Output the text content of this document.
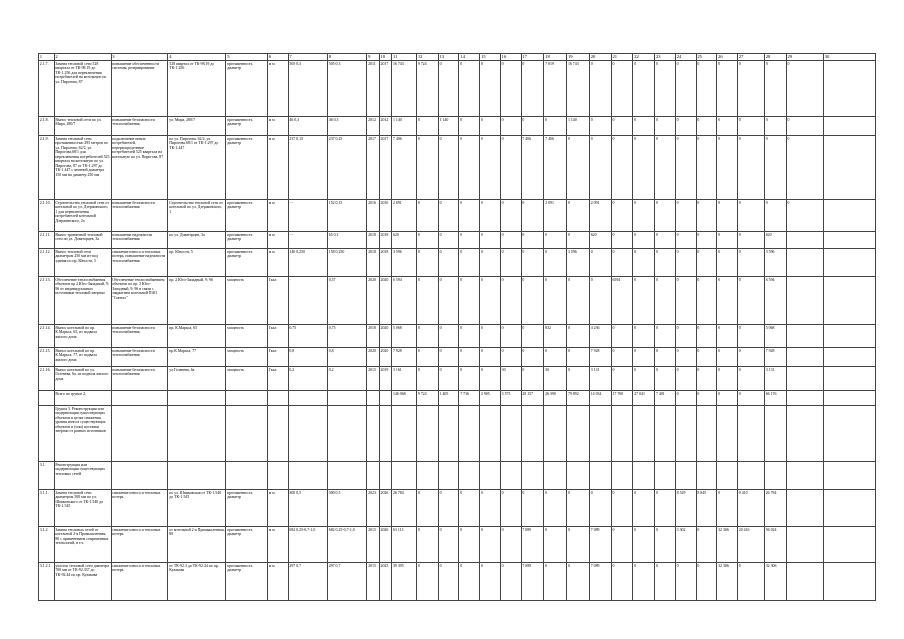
1	2	3	4	5	6	7	8	9	10	11	12	13	14	15	16	17	18	19	20	21	22	23	24	25	26	27	28	29	30
2.1.7.	Замена тепловой сети 528 квартала от ТК-98.19 до ТК-1.256 для переключения потребителей на котельную по ул. Пирогова, 87	повышение обеспеченности системы, резервирование	528 квартал от ТК-98.19 до ТК-1.256	протяженность диаметр	м м	505 0,3	505 0,3	2011	2017	16 743	9 724	0	0	0	0	0	7 019	16 743	0	0	0	0	0	0	0	0	0	0	
2.1.8.	Вынос тепловой сети по ул. Мира, 280/7	повышение безопасности теплоснабжения	ул. Мира, 280/7	протяженность диаметр	м м	46 0,3	46 0,3	2012	2012	1 140	0	1 140	0	0	0	0	0	1 140	0	0	0	0	0	0	0	0	0	0	
2.1.9.	Замена тепловой сети протяженностью 295 метров по ул. Пирогова, 62/2, ул. Пирогова,68/1 для переключения потребителей 525 квартала на котельную по ул. Пирогова, 87 от ТК-1.297 до ТК-1.447 с заменой диаметра 150 мм на диаметр 250 мм	подключение новых потребителей, перераспределение потребителей 525 квартала на котельную по ул. Пирогова, 87	по ул. Пирогова, 62/2, ул. Пирогова,68/1 от ТК-1.297 до ТК-1.447	протяженность диаметр	м м	237 0,15	237 0,25	2017	2017	7 406	0	0	0	0	0	7 406	7 406	0	0	0	0	0	0	0	0	0	0	0	
2.1.10.	Строительство тепловой сети от котельной по ул. Дзержинского, 1 для переключения потребителей котельной Дзержинского, 2а	повышение безопасности теплоснабжения	Строительство тепловой сети от котельной по ул. Дзержинского, 1	протяженность диаметр	м м	- -	152 0,15	2016	2016	2 091	0	0	0	0	0	0	2 091	0	2 091	0	0	0	0	0	0	0	0	0	
2.1.11.	Вынос транзитной тепловой сети по ул. Доваторцев, 3а	повышение надежности теплоснабжения	по ул. Доваторцев, 3а	протяженность диаметр	м м	- -	65 0,1	2018	2018	620	0	0	0	0	0	0	0	0	620	0	0	0	0	0	0	0	620		
2.1.12.	Вынос тепловой сети диаметром 250 мм из-под здания по пр. Юности, 5	снижение износа и тепловых потерь, повышение надежности теплоснабжения	пр. Юности, 5	протяженность диаметр	м м	140 0,250	158 0,250	2018	2018	3 596	0	0	0	0	0	0	0	3 596	0	0	0	0	0	0	0	0	3 596		
2.1.13.	Обеспечение теплоснабжения объектов пр 2 Юго-Западный, 9; 96 от индивидуальных источников тепловой энергии	Обеспечение теплоснабжением объектов по пр. 2 Юго-Западный, 9; 96 в связи с закрытием котельной ПАО "Сигнал"	пр. 2 Юго-Западный, 9; 96	мощность	Гкал	-	0,57	2020	2020	6 594	0	0	0	0	0	0	0	0	0	6594	0	0	0	0	0	0	6 594		
2.1.14.	Вынос котельной по пр. К.Маркса, 65, из подвала жилого дома	повышение безопасности теплоснабжения	пр. К.Маркса, 65	мощность	Гкал	0,75	0,75	2018	2020	5 068	0	0	0	0	0	0	832	0	4 236	0	0	0	0	0	0	0	5 068		
2.1.15.	Вынос котельной по пр. К.Маркса, 77, из подвала жилого дома	повышение безопасности теплоснабжения	пр.К.Маркса, 77	мощность	Гкал	0,8	0,8	2020	2020	7 928	0	0	0	0	0	0	0	0	7 928	0	0	0	0	0	0	0	7 928		
2.1.16.	Вынос котельной по ул. Голенева, 6а, из подвала жилого дома	повышение безопасности теплоснабжения	ул.Голенева, 6а	мощность	Гкал	0,2	0,2	2015	2019	3 161	0	0	0	0	30	0	30	0	3 131	0	0	0	0	0	0	0	3 131		
	Всего по группе 2.									146 068	9 724	1 405	7 736	2 905	3 575	28 157	26 390	79 892	14 034	17 700	27 041	7 401	0	0	0	0	66 176		
	Группа 3. Реконструкция или модернизация существующих объектов в целях снижения уровня износа существующих объектов и (или) поставки энергии от разных источников																												
3.1.	Реконструкция или модернизация существующих тепловых сетей																												
3.1.1.	Замена тепловой сети диаметром 500 мм по ул. Шпиковского от ТК-1.540 до ТК-1.545	снижение износа и тепловых потерь	по ул. Шпиковская от ТК-1.540 до ТК-1.545	протяженность диаметр	м м	300 0,5	300 0,5	2023	2026	26 784	0	0	0	0	0	0	0	0	0	0	0	0	8 529	8 845	0	9 410	26 784		
3.1.2	Замена тепловых сетей от котельной 2-я Промышленная, 80 с применением современных технологий, в т.ч.	снижение износа и тепловых потерь	от котельной 2-я Промышленная, 80	протяженность диаметр	м м	682 0,25-0,7-1,0	682 0,25-0,7-1,0	2015	2026	63 113	0	0	0	0	0	7 089	0	0	7 089	0	0	0	3 302	0	32 306	20 416	56 024		
3.1.2.1.	участок тепловой сети диаметра 700 мм от ТК-92.337 до ТК-92.44 по пр. Кулакова	снижение износа и тепловых потерь	от ТК-92.3 до ТК-92.44 по пр. Кулакова	протяженность диаметр	м м	297 0,7	297 0,7	2015	2025	39 395	0	0	0	0	0	7 089	0	0	7 089	0	0	0	0	0	32 306	0	32 306		
